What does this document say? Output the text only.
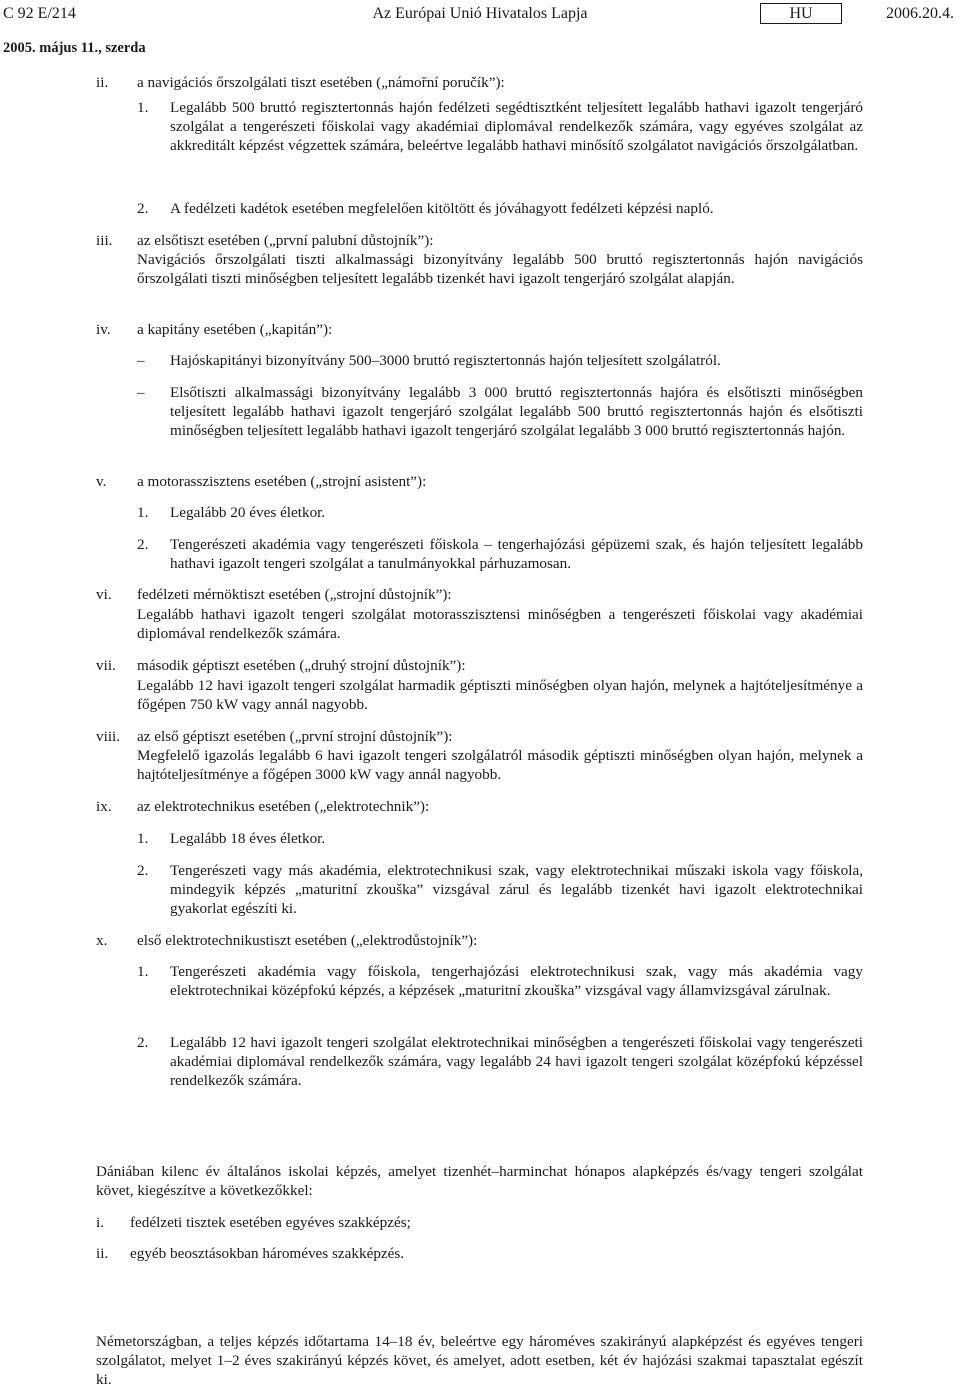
C 92 E/214	Az Európai Unió Hivatalos Lapja	HU	2006.20.4.
2005. május 11., szerda
ii. a navigációs őrszolgálati tiszt esetében („námořní poručík”):
1. Legalább 500 bruttó regisztertonnás hajón fedélzeti segédtisztként teljesített legalább hathavi igazolt tengerjáró szolgálat a tengerészeti főiskolai vagy akadémiai diplomával rendelkezők számára, vagy egyéves szolgálat az akkreditált képzést végzettek számára, beleértve legalább hathavi minősítő szolgálatot navigációs őrszolgálatban.
2. A fedélzeti kadétok esetében megfelelően kitöltött és jóváhagyott fedélzeti képzési napló.
iii. az elsőtiszt esetében („první palubní důstojník”):
Navigációs őrszolgálati tiszti alkalmassági bizonyítvány legalább 500 bruttó regisztertonnás hajón navigációs őrszolgálati tiszti minőségben teljesített legalább tizenkét havi igazolt tengerjáró szolgálat alapján.
iv. a kapitány esetében („kapitán”):
– Hajóskapitányi bizonyítvány 500–3000 bruttó regisztertonnás hajón teljesített szolgálatról.
– Elsőtiszti alkalmassági bizonyítvány legalább 3 000 bruttó regisztertonnás hajóra és elsőtiszti minőségben teljesített legalább hathavi igazolt tengerjáró szolgálat legalább 500 bruttó regisztertonnás hajón és elsőtiszti minőségben teljesített legalább hathavi igazolt tengerjáró szolgálat legalább 3 000 bruttó regisztertonnás hajón.
v. a motorasszisztens esetében („strojní asistent”):
1. Legalább 20 éves életkor.
2. Tengerészeti akadémia vagy tengerészeti főiskola – tengerhajózási gépüzemi szak, és hajón teljesített legalább hathavi igazolt tengeri szolgálat a tanulmányokkal párhuzamosan.
vi. fedélzeti mérnöktiszt esetében („strojní důstojník”):
Legalább hathavi igazolt tengeri szolgálat motorasszisztensi minőségben a tengerészeti főiskolai vagy akadémiai diplomával rendelkezők számára.
vii. második géptiszt esetében („druhý strojní důstojník”):
Legalább 12 havi igazolt tengeri szolgálat harmadik géptiszti minőségben olyan hajón, melynek a hajtóteljesítménye a főgépen 750 kW vagy annál nagyobb.
viii. az első géptiszt esetében („první strojní důstojník”):
Megfelelő igazolás legalább 6 havi igazolt tengeri szolgálatról második géptiszti minőségben olyan hajón, melynek a hajtóteljesítménye a főgépen 3000 kW vagy annál nagyobb.
ix. az elektrotechnikus esetében („elektrotechnik”):
1. Legalább 18 éves életkor.
2. Tengerészeti vagy más akadémia, elektrotechnikusi szak, vagy elektrotechnikai műszaki iskola vagy főiskola, mindegyik képzés „maturitní zkouška” vizsgával zárul és legalább tizenkét havi igazolt elektrotechnikai gyakorlat egészíti ki.
x. első elektrotechnikustiszt esetében („elektrodůstojník”):
1. Tengerészeti akadémia vagy főiskola, tengerhajózási elektrotechnikusi szak, vagy más akadémia vagy elektrotechnikai középfokú képzés, a képzések „maturitní zkouška” vizsgával vagy államvizsgával zárulnak.
2. Legalább 12 havi igazolt tengeri szolgálat elektrotechnikai minőségben a tengerészeti főiskolai vagy tengerészeti akadémiai diplomával rendelkezők számára, vagy legalább 24 havi igazolt tengeri szolgálat középfokú képzéssel rendelkezők számára.
Dániában kilenc év általános iskolai képzés, amelyet tizenhét–harminchat hónapos alapképzés és/vagy tengeri szolgálat követ, kiegészítve a következőkkel:
i. fedélzeti tisztek esetében egyéves szakképzés;
ii. egyéb beosztásokban hároméves szakképzés.
Németországban, a teljes képzés időtartama 14–18 év, beleértve egy hároméves szakirányú alapképzést és egyéves tengeri szolgálatot, melyet 1–2 éves szakirányú képzés követ, és amelyet, adott esetben, két év hajózási szakmai tapasztalat egészít ki.
